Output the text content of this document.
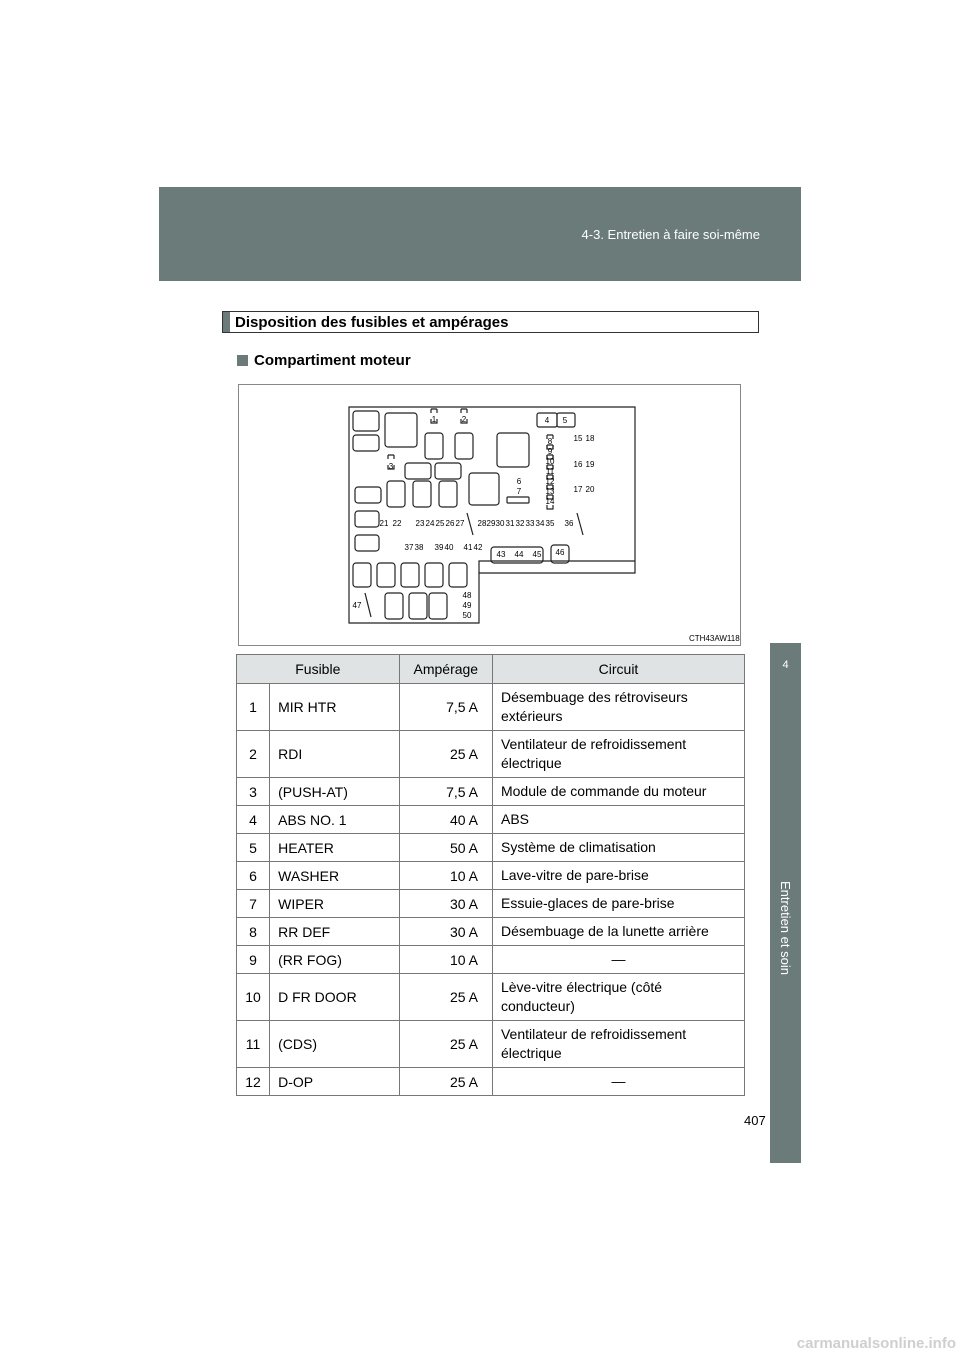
4-3. Entretien à faire soi-même
4
Entretien et soin
Disposition des fusibles et ampérages
Compartiment moteur
1	2
3
4 5
8
9
10
11
12
13
14
6
7
15 18
16 19
17 20
21 22 23 24 25 26 27 28 29 30 31 32 33 34 35 36
37 38 39 40 41 42
43 44 45 46
47
48
49
50
CTH43AW118
Fusible		Ampérage	Circuit
1	MIR HTR	7,5 A	Désembuage des rétroviseurs extérieurs
2	RDI	25 A	Ventilateur de refroidissement électrique
3	(PUSH-AT)	7,5 A	Module de commande du moteur
4	ABS NO. 1	40 A	ABS
5	HEATER	50 A	Système de climatisation
6	WASHER	10 A	Lave-vitre de pare-brise
7	WIPER	30 A	Essuie-glaces de pare-brise
8	RR DEF	30 A	Désembuage de la lunette arrière
9	(RR FOG)	10 A	—
10	D FR DOOR	25 A	Lève-vitre électrique (côté conducteur)
11	(CDS)	25 A	Ventilateur de refroidissement électrique
12	D-OP	25 A	—
407
carmanualsonline.info
